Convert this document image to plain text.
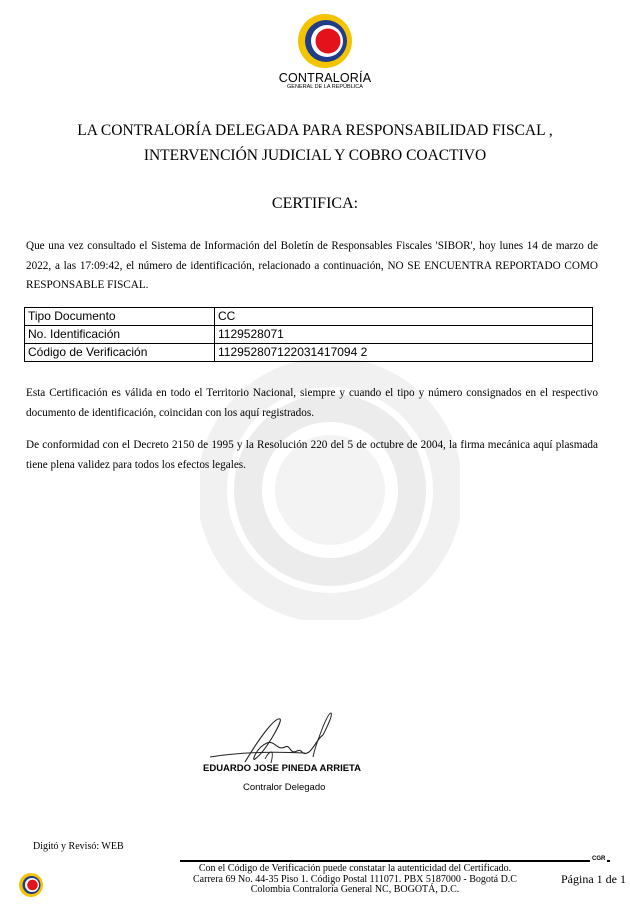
CONTRALORÍA
GENERAL DE LA REPÚBLICA
LA CONTRALORÍA DELEGADA PARA RESPONSABILIDAD FISCAL ,
INTERVENCIÓN JUDICIAL Y COBRO COACTIVO
CERTIFICA:
Que una vez consultado el Sistema de Información del Boletín de Responsables Fiscales 'SIBOR', hoy lunes 14 de marzo de 2022, a las 17:09:42, el número de identificación, relacionado a continuación, NO SE ENCUENTRA REPORTADO COMO RESPONSABLE FISCAL.
Tipo Documento	CC
No. Identificación	1129528071
Código de Verificación	112952807122031417094 2
Esta Certificación es válida en todo el Territorio Nacional, siempre y cuando el tipo y número consignados en el respectivo documento de identificación, coincidan con los aquí registrados.
De conformidad con el Decreto 2150 de 1995 y la Resolución 220 del 5 de octubre de 2004, la firma mecánica aquí plasmada tiene plena validez para todos los efectos legales.
EDUARDO JOSE PINEDA ARRIETA
Contralor Delegado
Digitó y Revisó: WEB
CGR
Con el Código de Verificación puede constatar la autenticidad del Certificado.
Carrera 69 No. 44-35 Piso 1. Código Postal 111071. PBX 5187000 - Bogotá D.C
Colombia Contraloría General NC, BOGOTÁ, D.C.
Página 1 de 1
